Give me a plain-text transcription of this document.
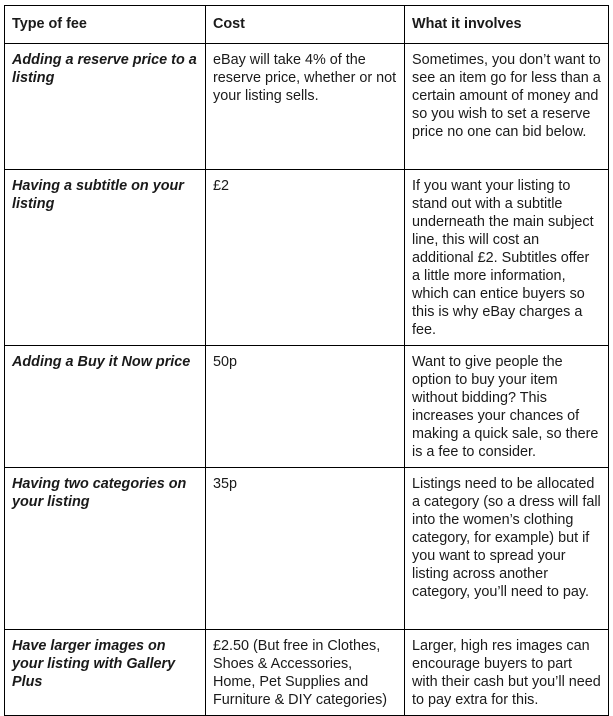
Type of fee	Cost	What it involves
Adding a reserve price to a listing	eBay will take 4% of the reserve price, whether or not your listing sells.	Sometimes, you don’t want to see an item go for less than a certain amount of money and so you wish to set a reserve price no one can bid below.
Having a subtitle on your listing	£2	If you want your listing to stand out with a subtitle underneath the main subject line, this will cost an additional £2. Subtitles offer a little more information, which can entice buyers so this is why eBay charges a fee.
Adding a Buy it Now price	50p	Want to give people the option to buy your item without bidding? This increases your chances of making a quick sale, so there is a fee to consider.
Having two categories on your listing	35p	Listings need to be allocated a category (so a dress will fall into the women’s clothing category, for example) but if you want to spread your listing across another category, you’ll need to pay.
Have larger images on your listing with Gallery Plus	£2.50 (But free in Clothes, Shoes & Accessories, Home, Pet Supplies and Furniture & DIY categories)	Larger, high res images can encourage buyers to part with their cash but you’ll need to pay extra for this.
